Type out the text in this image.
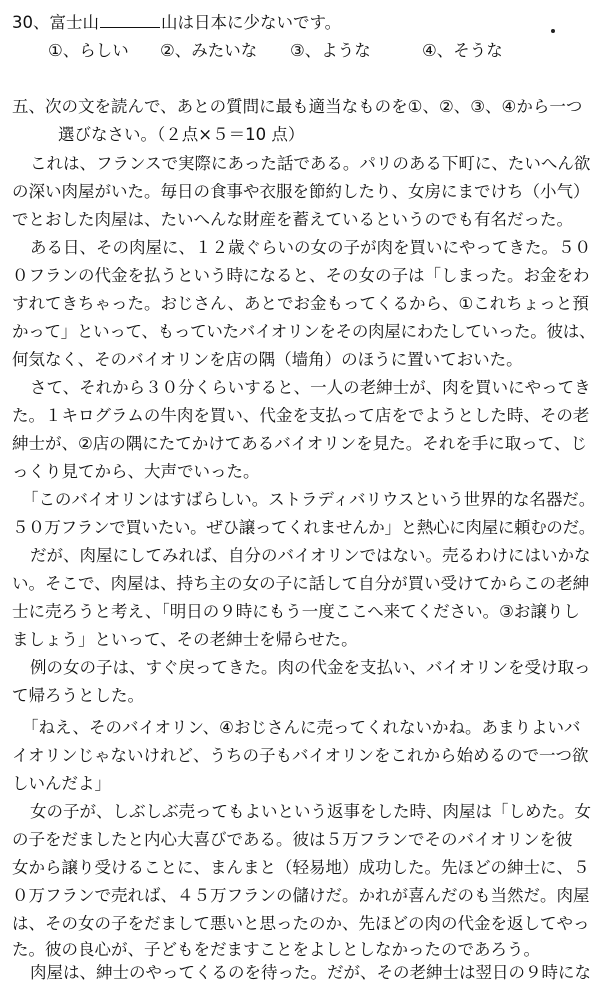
30、富士山	山は日本に少ないです。
①、らしい ②、みたいな ③、ような	④、そうな
五、次の文を読んで、あとの質問に最も適当なものを①、②、③、④から一つ
選びなさい。（２点×５＝10 点）
これは、フランスで実際にあった話である。パリのある下町に、たいへん欲
の深い肉屋がいた。毎日の食事や衣服を節約したり、女房にまでけち（小气）
でとおした肉屋は、たいへんな財産を蓄えているというのでも有名だった。
ある日、その肉屋に、１２歳ぐらいの女の子が肉を買いにやってきた。５０
０フランの代金を払うという時になると、その女の子は「しまった。お金をわ
すれてきちゃった。おじさん、あとでお金もってくるから、①これちょっと預
かって」といって、もっていたバイオリンをその肉屋にわたしていった。彼は、
何気なく、そのバイオリンを店の隅（墙角）のほうに置いておいた。
さて、それから３０分くらいすると、一人の老紳士が、肉を買いにやってき
た。１キログラムの牛肉を買い、代金を支払って店をでようとした時、その老
紳士が、②店の隅にたてかけてあるバイオリンを見た。それを手に取って、じ
っくり見てから、大声でいった。
「このバイオリンはすばらしい。ストラディバリウスという世界的な名器だ。
５０万フランで買いたい。ぜひ譲ってくれませんか」と熱心に肉屋に頼むのだ。
だが、肉屋にしてみれば、自分のバイオリンではない。売るわけにはいかな
い。そこで、肉屋は、持ち主の女の子に話して自分が買い受けてからこの老紳
士に売ろうと考え、「明日の９時にもう一度ここへ来てください。③お譲りし
ましょう」といって、その老紳士を帰らせた。
例の女の子は、すぐ戻ってきた。肉の代金を支払い、バイオリンを受け取っ
て帰ろうとした。
「ねえ、そのバイオリン、④おじさんに売ってくれないかね。あまりよいバ
イオリンじゃないけれど、うちの子もバイオリンをこれから始めるので一つ欲
しいんだよ」
女の子が、しぶしぶ売ってもよいという返事をした時、肉屋は「しめた。女
の子をだましたと内心大喜びである。彼は５万フランでそのバイオリンを彼
女から譲り受けることに、まんまと（轻易地）成功した。先ほどの紳士に、５
０万フランで売れば、４５万フランの儲けだ。かれが喜んだのも当然だ。肉屋
は、その女の子をだまして悪いと思ったのか、先ほどの肉の代金を返してやっ
た。彼の良心が、子どもをだますことをよしとしなかったのであろう。
肉屋は、紳士のやってくるのを待った。だが、その老紳士は翌日の９時にな
